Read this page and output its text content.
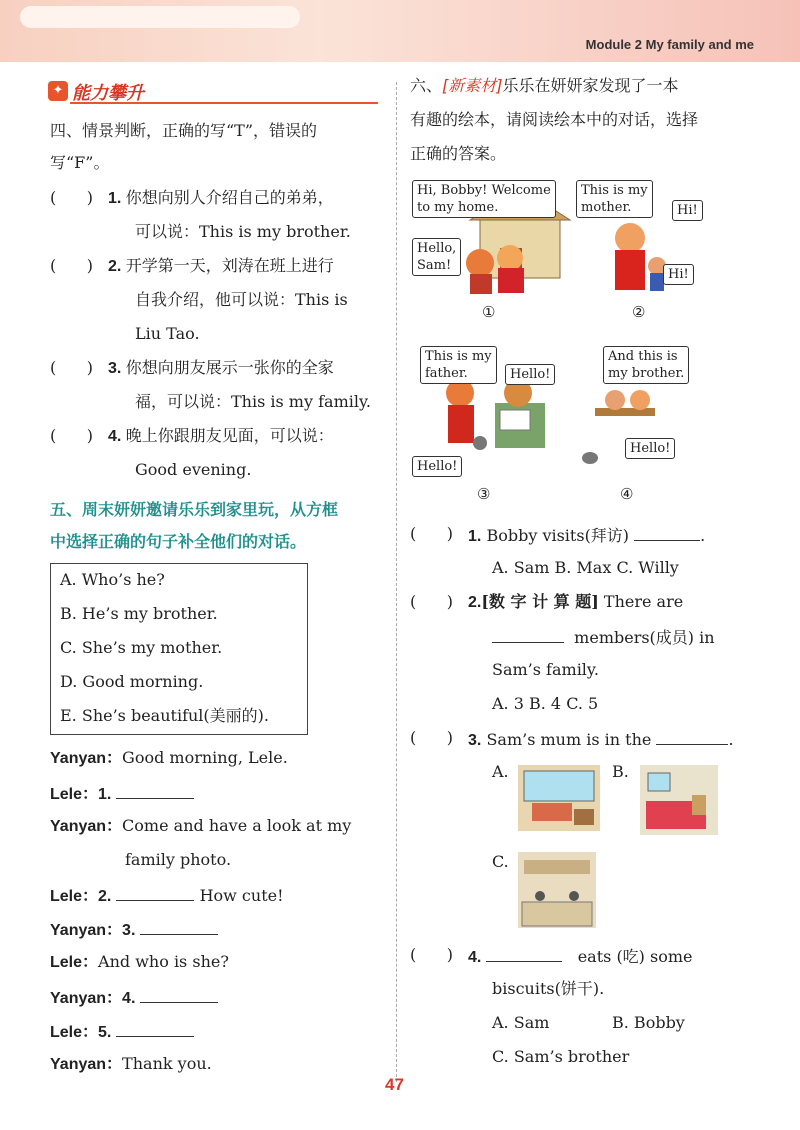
Module 2 My family and me
✦ 能力攀升
四、情景判断，正确的写“T”，错误的
写“F”。
(      ) 1. 你想向别人介绍自己的弟弟，
可以说：This is my brother.
(      ) 2. 开学第一天，刘涛在班上进行
自我介绍，他可以说：This is
Liu Tao.
(      ) 3. 你想向朋友展示一张你的全家
福，可以说：This is my family.
(      ) 4. 晚上你跟朋友见面，可以说：
Good evening.
五、周末妍妍邀请乐乐到家里玩，从方框
中选择正确的句子补全他们的对话。
A. Who’s he?
B. He’s my brother.
C. She’s my mother.
D. Good morning.
E. She’s beautiful(美丽的).
Yanyan：Good morning, Lele.
Lele：1.
Yanyan：Come and have a look at my
family photo.
Lele：2.	How cute!
Yanyan：3.
Lele：And who is she?
Yanyan：4.
Lele：5.
Yanyan：Thank you.
六、[新素材]乐乐在妍妍家发现了一本
有趣的绘本，请阅读绘本中的对话，选择
正确的答案。
Hi, Bobby! Welcome
to my home.
Hello,
Sam!
①
This is my
mother.	Hi!
Hi!
②
This is my
father.	Hello!
Hello!
③
And this is
my brother.
Hello!
④
(      ) 1. Bobby visits(拜访)	.
A. Sam B. Max C. Willy
(      ) 2.[数 字 计 算 题] There are
members(成员) in
Sam’s family.
A. 3 B. 4 C. 5
(      ) 3. Sam’s mum is in the	.
A.	B.
C.
(      ) 4.	eats (吃) some
biscuits(饼干).
A. Sam	B. Bobby
C. Sam’s brother
47
